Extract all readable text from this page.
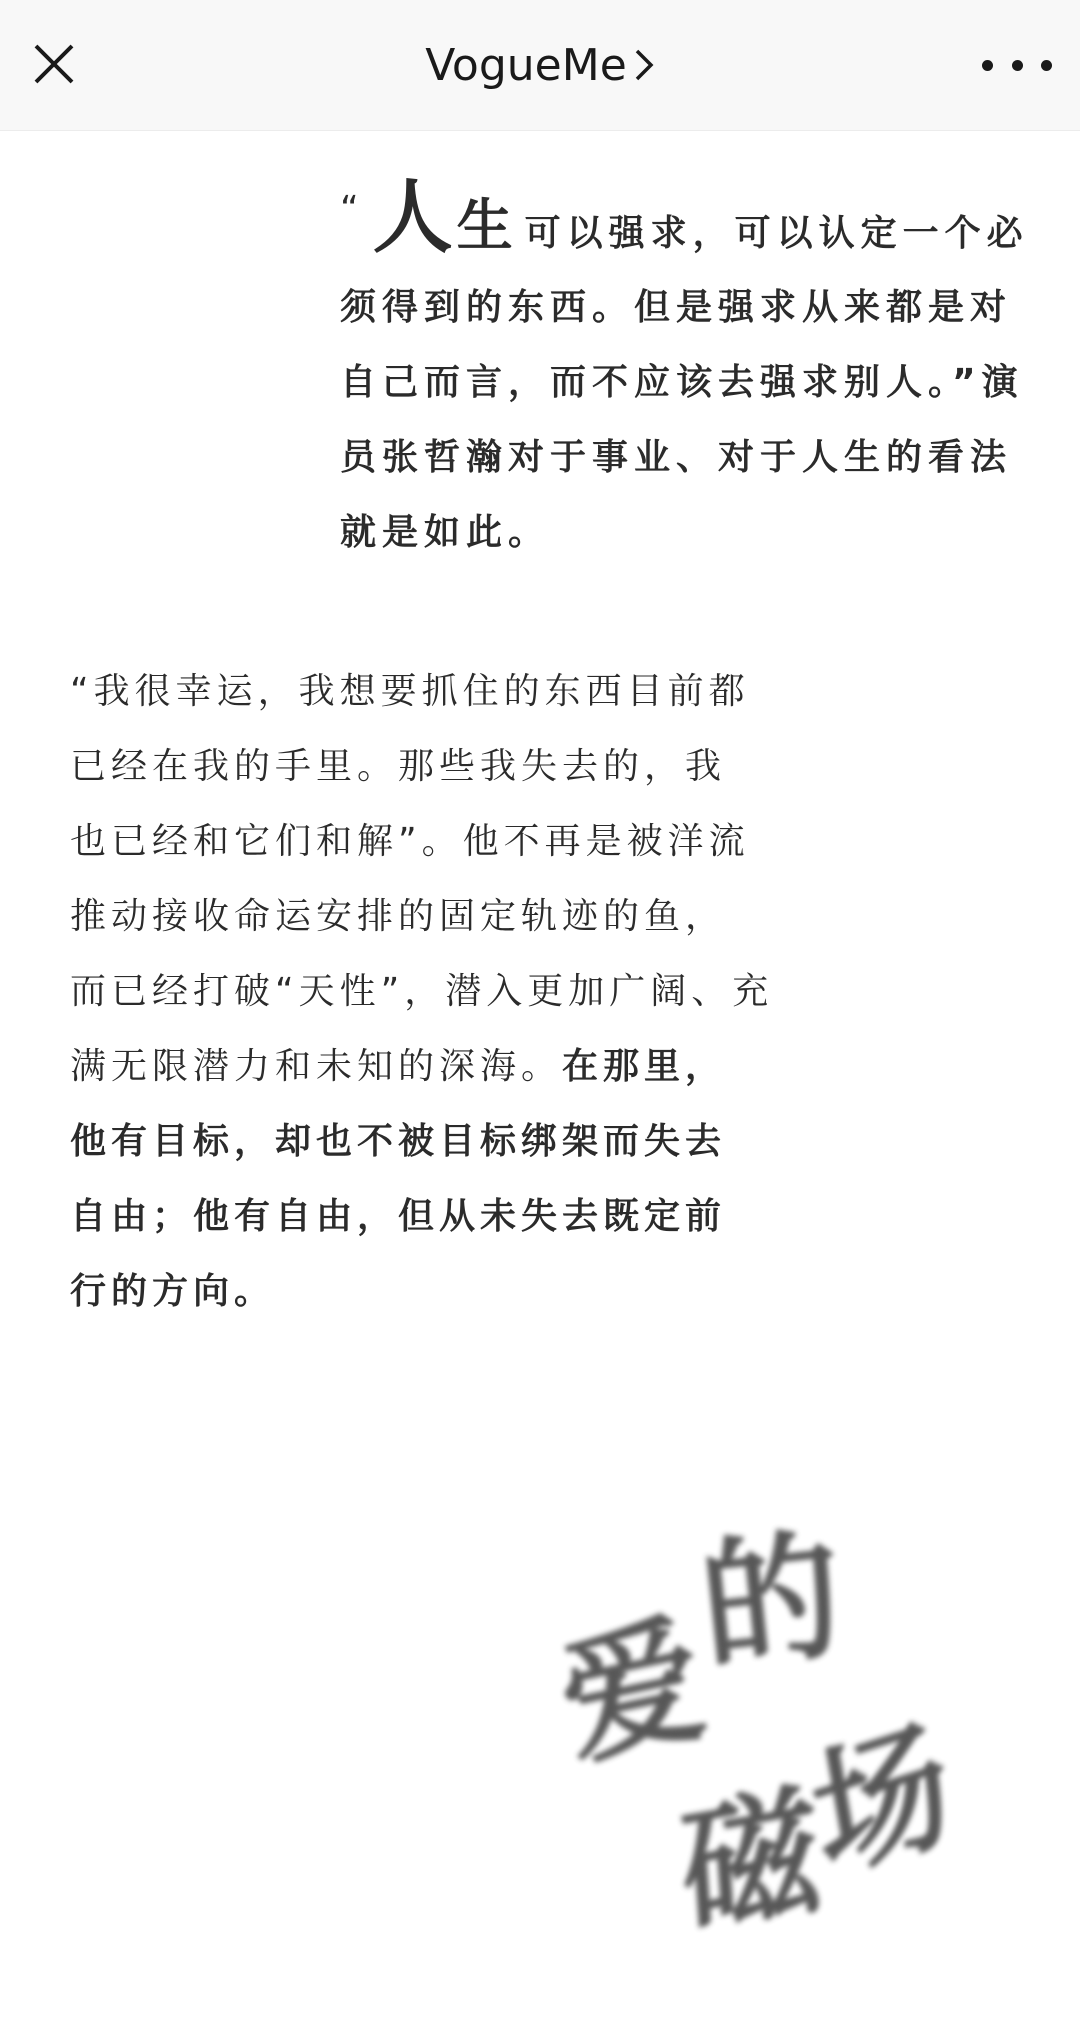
VogueMe
“ 人生 可以强求，可以认定一个必
须得到的东西。但是强求从来都是对
自己而言，而不应该去强求别人。”演
员张哲瀚对于事业、对于人生的看法
就是如此。
“我很幸运，我想要抓住的东西目前都
已经在我的手里。那些我失去的，我
也已经和它们和解”。他不再是被洋流
推动接收命运安排的固定轨迹的鱼，
而已经打破“天性”，潜入更加广阔、充
满无限潜力和未知的深海。在那里，
他有目标，却也不被目标绑架而失去
自由；他有自由，但从未失去既定前
行的方向。
爱
的
磁
场
